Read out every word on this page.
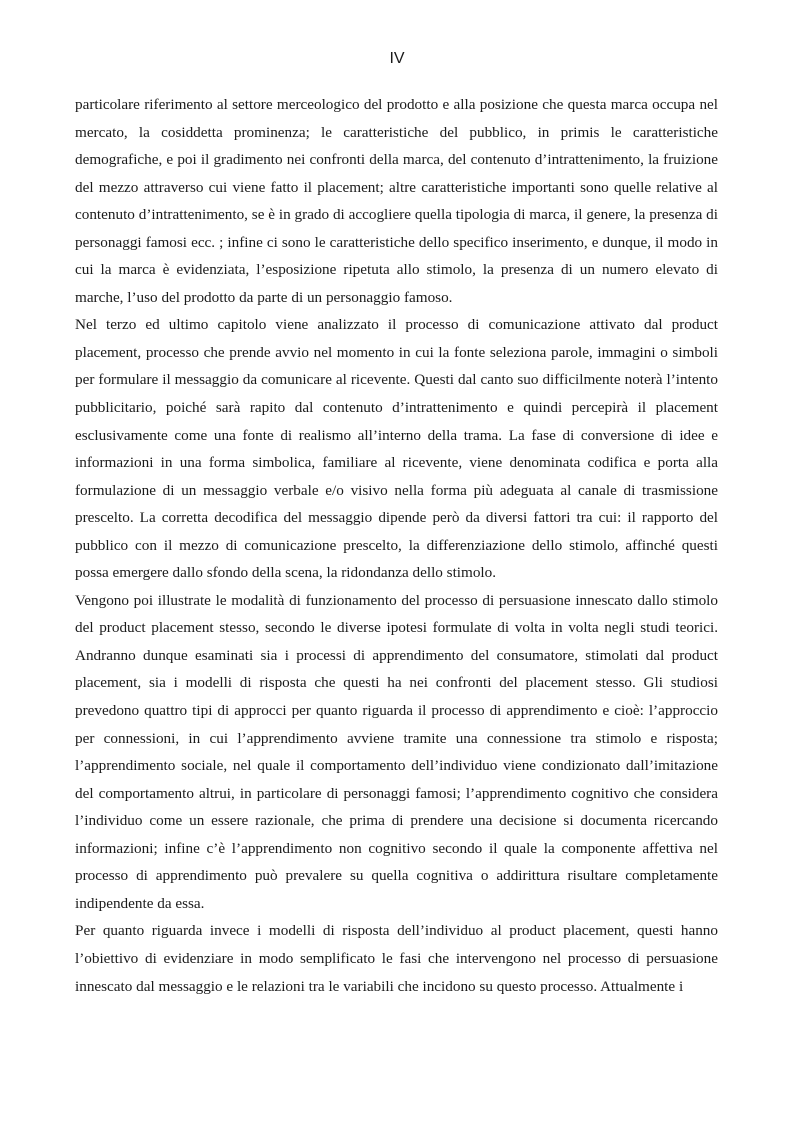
IV

particolare riferimento al settore merceologico del prodotto e alla posizione che questa marca occupa nel mercato, la cosiddetta prominenza; le caratteristiche del pubblico, in primis le caratteristiche demografiche, e poi il gradimento nei confronti della marca, del contenuto d’intrattenimento, la fruizione del mezzo attraverso cui viene fatto il placement; altre caratteristiche importanti sono quelle relative al contenuto d’intrattenimento, se è in grado di accogliere quella tipologia di marca, il genere, la presenza di personaggi famosi ecc. ; infine ci sono le caratteristiche dello specifico inserimento, e dunque, il modo in cui la marca è evidenziata, l’esposizione ripetuta allo stimolo, la presenza di un numero elevato di marche, l’uso del prodotto da parte di un personaggio famoso.

Nel terzo ed ultimo capitolo viene analizzato il processo di comunicazione attivato dal product placement, processo che prende avvio nel momento in cui la fonte seleziona parole, immagini o simboli per formulare il messaggio da comunicare al ricevente. Questi dal canto suo difficilmente noterà l’intento pubblicitario, poiché sarà rapito dal contenuto d’intrattenimento e quindi percepirà il placement esclusivamente come una fonte di realismo all’interno della trama. La fase di conversione di idee e informazioni in una forma simbolica, familiare al ricevente, viene denominata codifica e porta alla formulazione di un messaggio verbale e/o visivo nella forma più adeguata al canale di trasmissione prescelto. La corretta decodifica del messaggio dipende però da diversi fattori tra cui: il rapporto del pubblico con il mezzo di comunicazione prescelto, la differenziazione dello stimolo, affinché questi possa emergere dallo sfondo della scena, la ridondanza dello stimolo.

Vengono poi illustrate le modalità di funzionamento del processo di persuasione innescato dallo stimolo del product placement stesso, secondo le diverse ipotesi formulate di volta in volta negli studi teorici. Andranno dunque esaminati sia i processi di apprendimento del consumatore, stimolati dal product placement, sia i modelli di risposta che questi ha nei confronti del placement stesso. Gli studiosi prevedono quattro tipi di approcci per quanto riguarda il processo di apprendimento e cioè: l’approccio per connessioni, in cui l’apprendimento avviene tramite una connessione tra stimolo e risposta; l’apprendimento sociale, nel quale il comportamento dell’individuo viene condizionato dall’imitazione del comportamento altrui, in particolare di personaggi famosi; l’apprendimento cognitivo che considera l’individuo come un essere razionale, che prima di prendere una decisione si documenta ricercando informazioni; infine c’è l’apprendimento non cognitivo secondo il quale la componente affettiva nel processo di apprendimento può prevalere su quella cognitiva o addirittura risultare completamente indipendente da essa.

Per quanto riguarda invece i modelli di risposta dell’individuo al product placement, questi hanno l’obiettivo di evidenziare in modo semplificato le fasi che intervengono nel processo di persuasione innescato dal messaggio e le relazioni tra le variabili che incidono su questo processo. Attualmente i
